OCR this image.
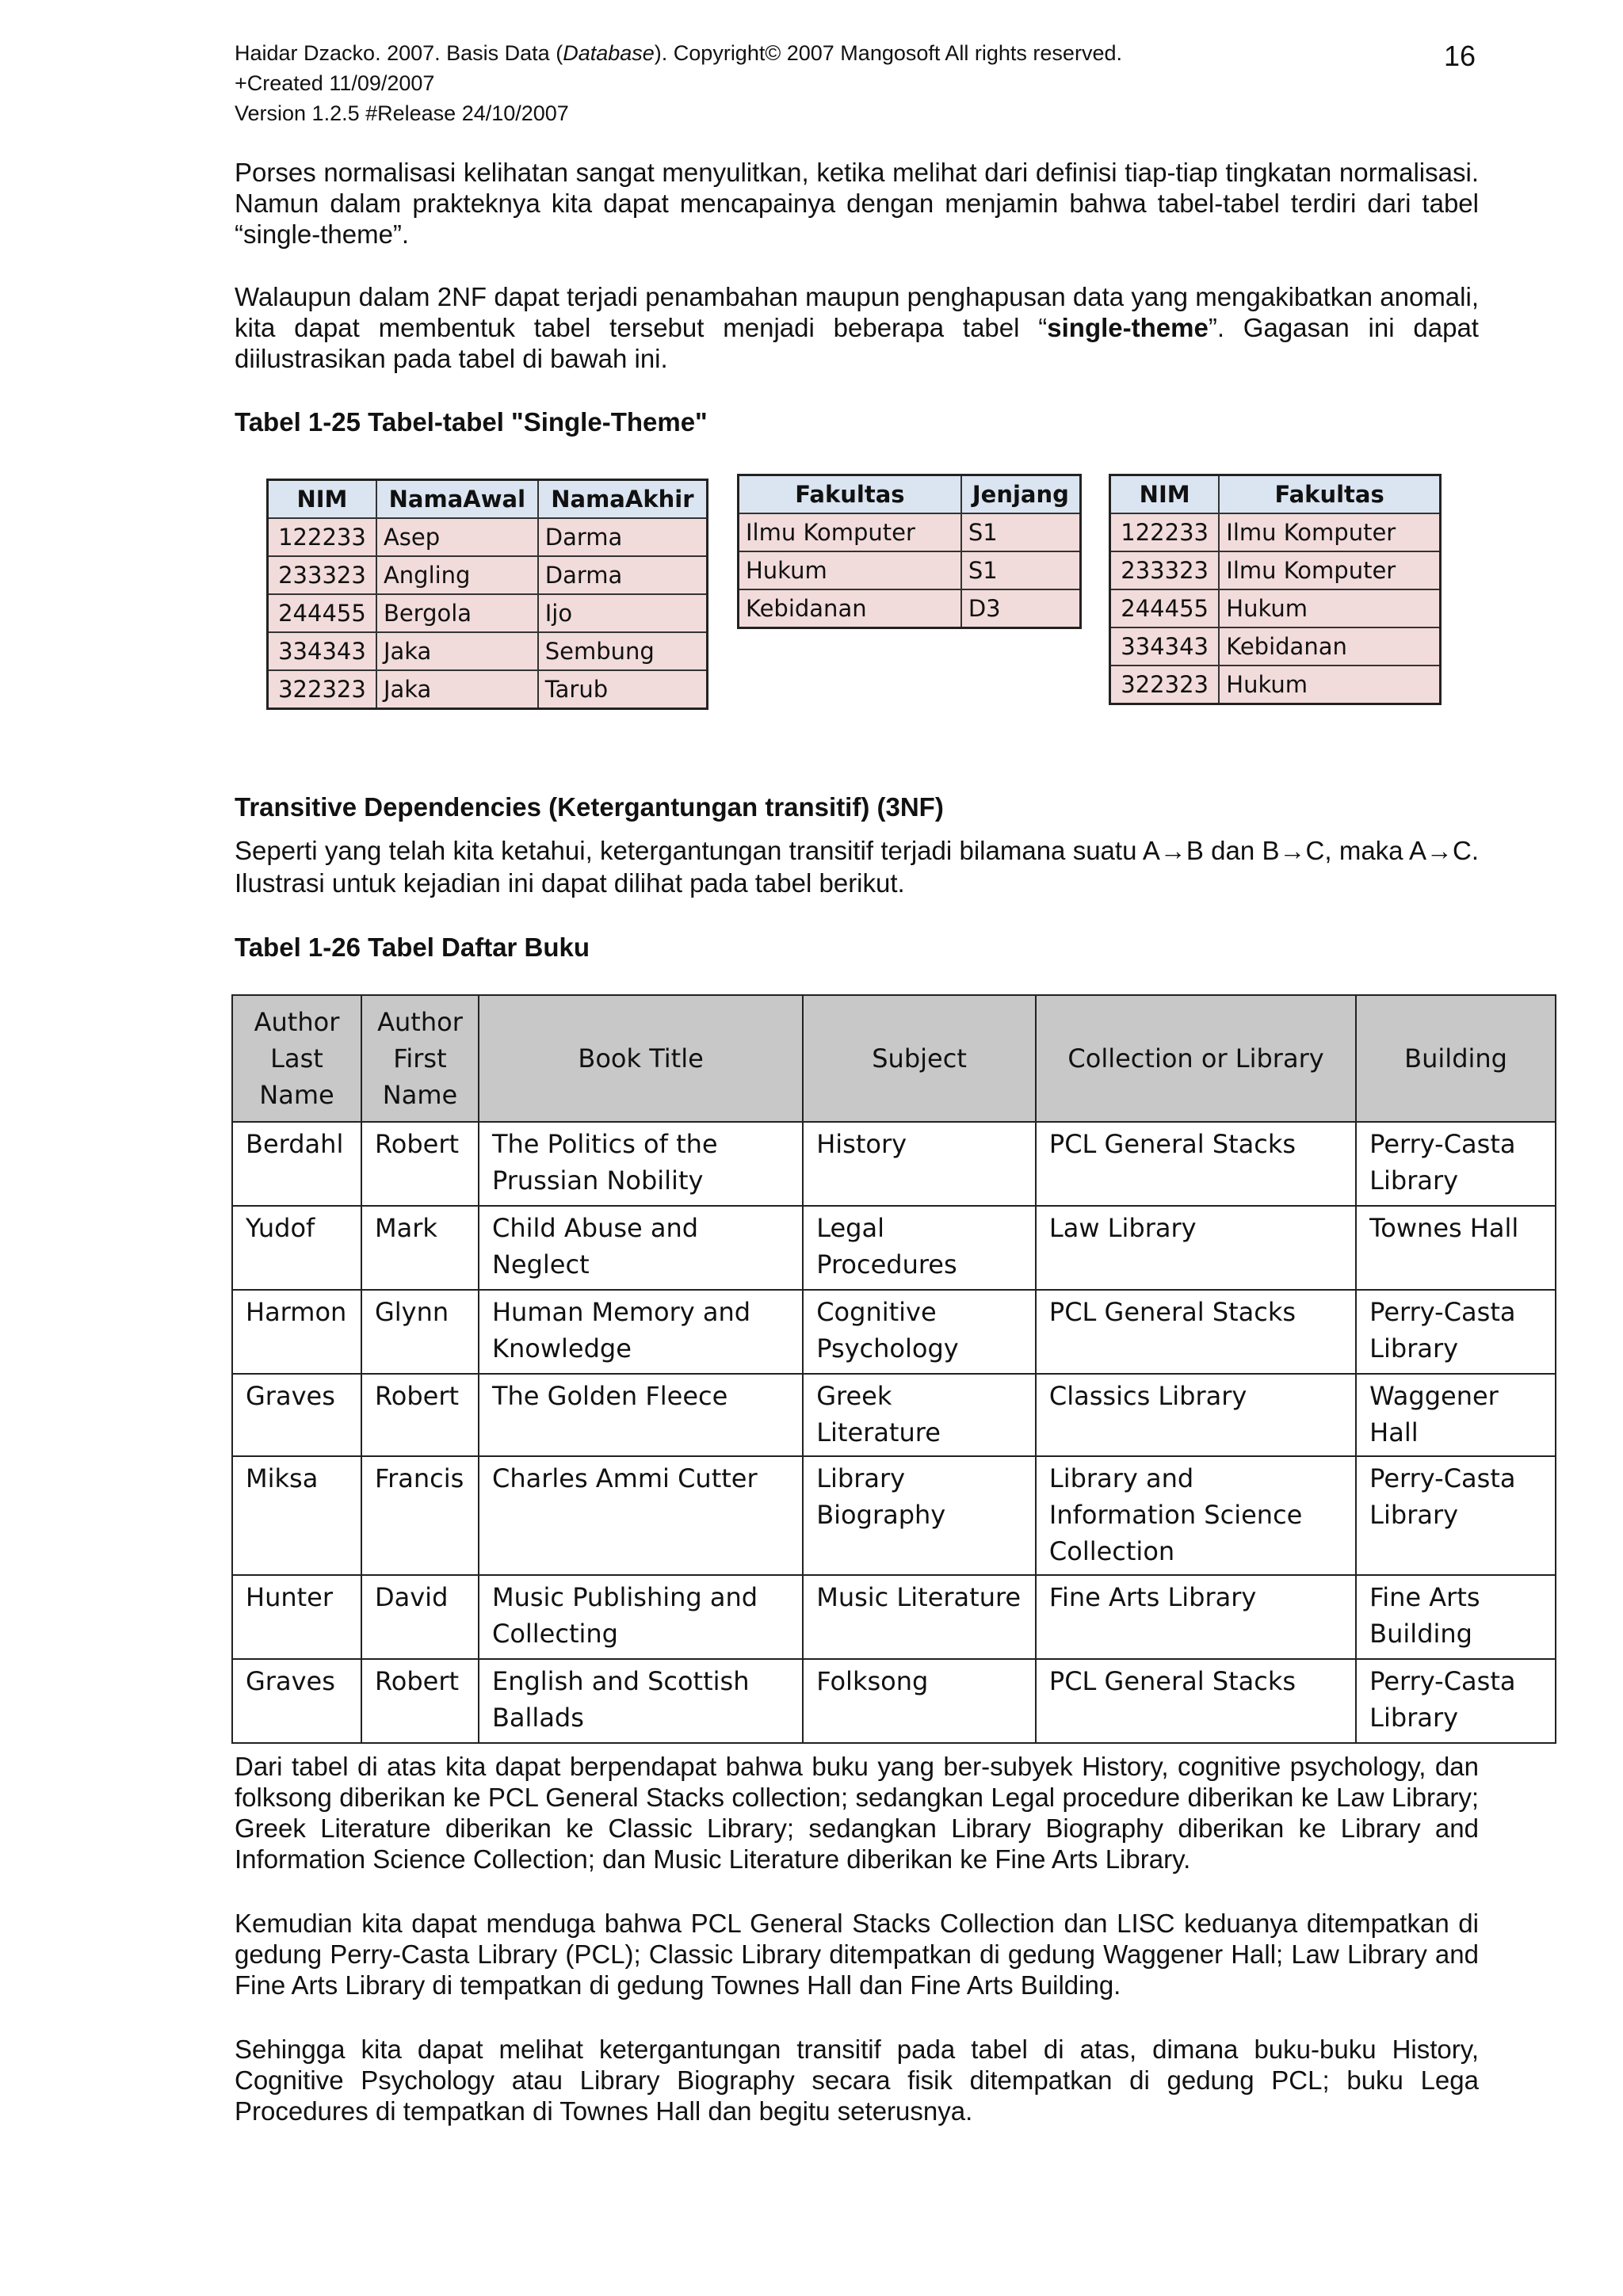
Haidar Dzacko. 2007. Basis Data (Database). Copyright© 2007 Mangosoft All rights reserved.
+Created 11/09/2007
Version 1.2.5 #Release 24/10/2007
16

Porses normalisasi kelihatan sangat menyulitkan, ketika melihat dari definisi tiap-tiap tingkatan normalisasi. Namun dalam prakteknya kita dapat mencapainya dengan menjamin bahwa tabel-tabel terdiri dari tabel “single-theme”.

Walaupun dalam 2NF dapat terjadi penambahan maupun penghapusan data yang mengakibatkan anomali, kita dapat membentuk tabel tersebut menjadi beberapa tabel “single-theme”. Gagasan ini dapat diilustrasikan pada tabel di bawah ini.

Tabel 1-25 Tabel-tabel "Single-Theme"

NIM	NamaAwal	NamaAkhir
122233	Asep	Darma
233323	Angling	Darma
244455	Bergola	Ijo
334343	Jaka	Sembung
322323	Jaka	Tarub
Fakultas	Jenjang
Ilmu Komputer	S1
Hukum	S1
Kebidanan	D3
NIM	Fakultas
122233	Ilmu Komputer
233323	Ilmu Komputer
244455	Hukum
334343	Kebidanan
322323	Hukum

Transitive Dependencies (Ketergantungan transitif) (3NF)

Seperti yang telah kita ketahui, ketergantungan transitif terjadi bilamana suatu A→B dan B→C, maka A→C. Ilustrasi untuk kejadian ini dapat dilihat pada tabel berikut.

Tabel 1-26 Tabel Daftar Buku

Author Last Name	Author First Name	Book Title	Subject	Collection or Library	Building
Berdahl	Robert	The Politics of the Prussian Nobility	History	PCL General Stacks	Perry-Casta Library
Yudof	Mark	Child Abuse and Neglect	Legal Procedures	Law Library	Townes Hall
Harmon	Glynn	Human Memory and Knowledge	Cognitive Psychology	PCL General Stacks	Perry-Casta Library
Graves	Robert	The Golden Fleece	Greek Literature	Classics Library	Waggener Hall
Miksa	Francis	Charles Ammi Cutter	Library Biography	Library and Information Science Collection	Perry-Casta Library
Hunter	David	Music Publishing and Collecting	Music Literature	Fine Arts Library	Fine Arts Building
Graves	Robert	English and Scottish Ballads	Folksong	PCL General Stacks	Perry-Casta Library

Dari tabel di atas kita dapat berpendapat bahwa buku yang ber-subyek History, cognitive psychology, dan folksong diberikan ke PCL General Stacks collection; sedangkan Legal procedure diberikan ke Law Library; Greek Literature diberikan ke Classic Library; sedangkan Library Biography diberikan ke Library and Information Science Collection; dan Music Literature diberikan ke Fine Arts Library.

Kemudian kita dapat menduga bahwa PCL General Stacks Collection dan LISC keduanya ditempatkan di gedung Perry-Casta Library (PCL); Classic Library ditempatkan di gedung Waggener Hall; Law Library and Fine Arts Library di tempatkan di gedung Townes Hall dan Fine Arts Building.

Sehingga kita dapat melihat ketergantungan transitif pada tabel di atas, dimana buku-buku History, Cognitive Psychology atau Library Biography secara fisik ditempatkan di gedung PCL; buku Lega Procedures di tempatkan di Townes Hall dan begitu seterusnya.
